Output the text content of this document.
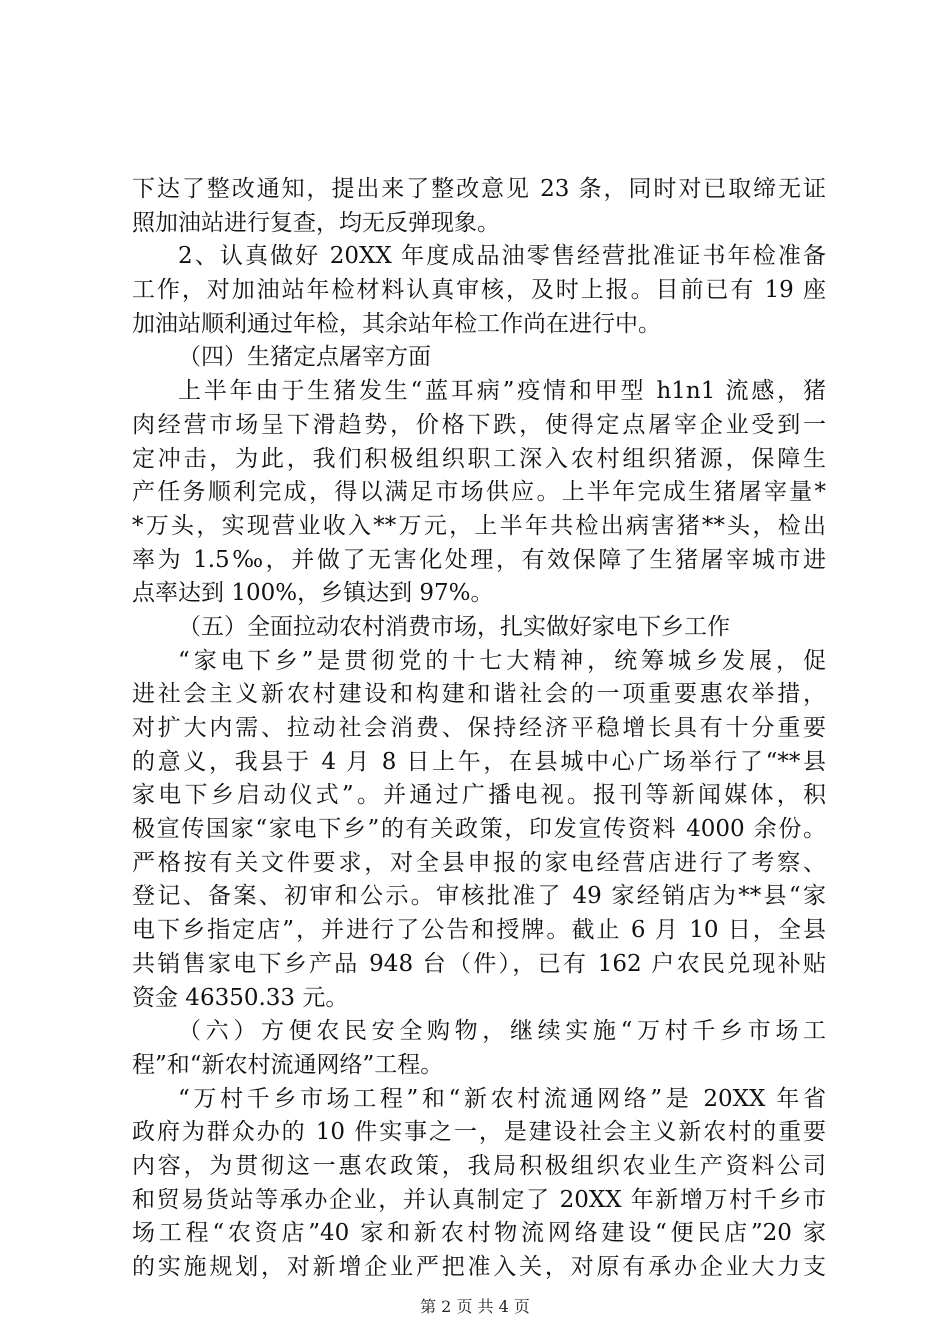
下达了整改通知，提出来了整改意见 23 条，同时对已取缔无证
照加油站进行复查，均无反弹现象。
2、认真做好 20XX 年度成品油零售经营批准证书年检准备
工作，对加油站年检材料认真审核，及时上报。目前已有 19 座
加油站顺利通过年检，其余站年检工作尚在进行中。
（四）生猪定点屠宰方面
上半年由于生猪发生“蓝耳病”疫情和甲型 h1n1 流感，猪
肉经营市场呈下滑趋势，价格下跌，使得定点屠宰企业受到一
定冲击，为此，我们积极组织职工深入农村组织猪源，保障生
产任务顺利完成，得以满足市场供应。上半年完成生猪屠宰量*
*万头，实现营业收入**万元，上半年共检出病害猪**头，检出
率为 1.5‰，并做了无害化处理，有效保障了生猪屠宰城市进
点率达到 100%，乡镇达到 97%。
（五）全面拉动农村消费市场，扎实做好家电下乡工作
“家电下乡”是贯彻党的十七大精神，统筹城乡发展，促
进社会主义新农村建设和构建和谐社会的一项重要惠农举措，
对扩大内需、拉动社会消费、保持经济平稳增长具有十分重要
的意义，我县于 4 月 8 日上午，在县城中心广场举行了“**县
家电下乡启动仪式”。并通过广播电视。报刊等新闻媒体，积
极宣传国家“家电下乡”的有关政策，印发宣传资料 4000 余份。
严格按有关文件要求，对全县申报的家电经营店进行了考察、
登记、备案、初审和公示。审核批准了 49 家经销店为**县“家
电下乡指定店”，并进行了公告和授牌。截止 6 月 10 日，全县
共销售家电下乡产品 948 台（件），已有 162 户农民兑现补贴
资金 46350.33 元。
（六）方便农民安全购物，继续实施“万村千乡市场工
程”和“新农村流通网络”工程。
“万村千乡市场工程”和“新农村流通网络”是 20XX 年省
政府为群众办的 10 件实事之一，是建设社会主义新农村的重要
内容，为贯彻这一惠农政策，我局积极组织农业生产资料公司
和贸易货站等承办企业，并认真制定了 20XX 年新增万村千乡市
场工程“农资店”40 家和新农村物流网络建设“便民店”20 家
的实施规划，对新增企业严把准入关，对原有承办企业大力支
第 2 页 共 4 页
